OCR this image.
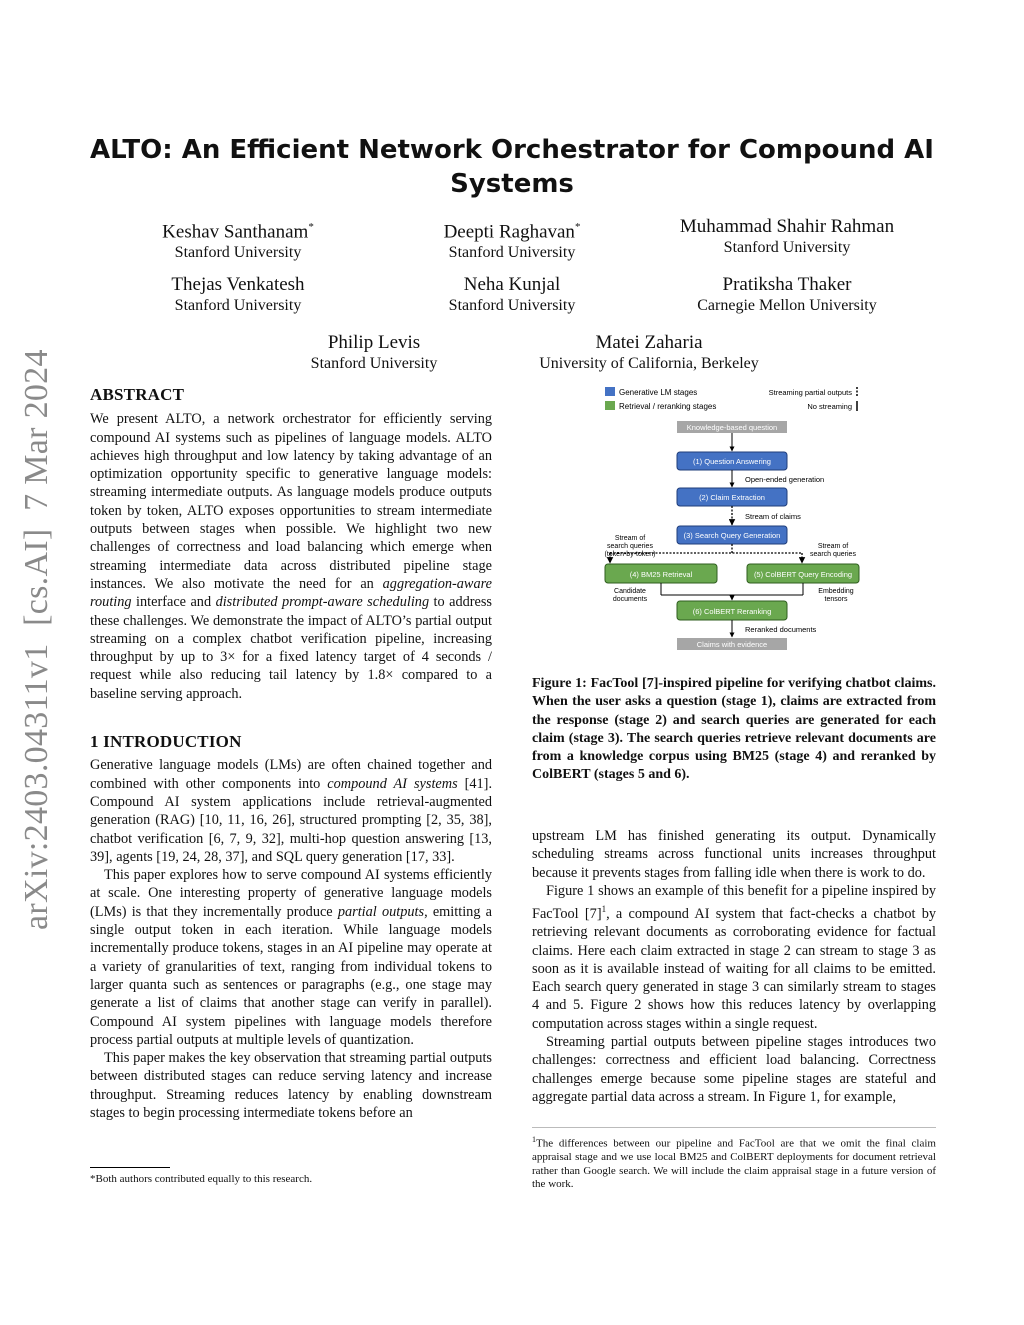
arXiv:2403.04311v1  [cs.AI]  7 Mar 2024
ALTO: An Efficient Network Orchestrator for Compound AI
Systems
Keshav Santhanam*
Stanford University
Deepti Raghavan*
Stanford University
Muhammad Shahir Rahman
Stanford University
Thejas Venkatesh
Stanford University
Neha Kunjal
Stanford University
Pratiksha Thaker
Carnegie Mellon University
Philip Levis
Stanford University
Matei Zaharia
University of California, Berkeley
ABSTRACT

We present ALTO, a network orchestrator for efficiently serving compound AI systems such as pipelines of language models. ALTO achieves high throughput and low latency by taking advantage of an optimization opportunity specific to generative language models: streaming intermediate outputs. As language models produce outputs token by token, ALTO exposes opportunities to stream intermediate outputs between stages when possible. We highlight two new challenges of correctness and load balancing which emerge when streaming intermediate data across distributed pipeline stage instances. We also motivate the need for an aggregation-aware routing interface and distributed prompt-aware scheduling to address these challenges. We demonstrate the impact of ALTO’s partial output streaming on a complex chatbot verification pipeline, increasing throughput by up to 3× for a fixed latency target of 4 seconds / request while also reducing tail latency by 1.8× compared to a baseline serving approach.

1 INTRODUCTION

Generative language models (LMs) are often chained together and combined with other components into compound AI systems [41]. Compound AI system applications include retrieval-augmented generation (RAG) [10, 11, 16, 26], structured prompting [2, 35, 38], chatbot verification [6, 7, 9, 32], multi-hop question answering [13, 39], agents [19, 24, 28, 37], and SQL query generation [17, 33].

This paper explores how to serve compound AI systems efficiently at scale. One interesting property of generative language models (LMs) is that they incrementally produce partial outputs, emitting a single output token in each iteration. While language models incrementally produce tokens, stages in an AI pipeline may operate at a variety of granularities of text, ranging from individual tokens to larger quanta such as sentences or paragraphs (e.g., one stage may generate a list of claims that another stage can verify in parallel). Compound AI system pipelines with language models therefore process partial outputs at multiple levels of quantization.

This paper makes the key observation that streaming partial outputs between distributed stages can reduce serving latency and increase throughput. Streaming reduces latency by enabling downstream stages to begin processing intermediate tokens before an

*Both authors contributed equally to this research.
Generative LM stages
Retrieval / reranking stages
Streaming partial outputs
No streaming
Knowledge-based question
(1) Question Answering
Open-ended generation
(2) Claim Extraction
Stream of claims
(3) Search Query Generation
Stream of
search queries
(token-by-token)
Stream of
search queries
(4) BM25 Retrieval	(5) ColBERT Query Encoding
Candidate
documents
Embedding
tensors
(6) ColBERT Reranking
Reranked documents
Claims with evidence
Figure 1: FacTool [7]-inspired pipeline for verifying chatbot claims. When the user asks a question (stage 1), claims are extracted from the response (stage 2) and search queries are generated for each claim (stage 3). The search queries retrieve relevant documents are from a knowledge corpus using BM25 (stage 4) and reranked by ColBERT (stages 5 and 6).

upstream LM has finished generating its output. Dynamically scheduling streams across functional units increases throughput because it prevents stages from falling idle when there is work to do.

Figure 1 shows an example of this benefit for a pipeline inspired by FacTool $[7]^1$, a compound AI system that fact-checks a chatbot by retrieving relevant documents as corroborating evidence for factual claims. Here each claim extracted in stage 2 can stream to stage 3 as soon as it is available instead of waiting for all claims to be emitted. Each search query generated in stage 3 can similarly stream to stages 4 and 5. Figure 2 shows how this reduces latency by overlapping computation across stages within a single request.

Streaming partial outputs between pipeline stages introduces two challenges: correctness and efficient load balancing. Correctness challenges emerge because some pipeline stages are stateful and aggregate partial data across a stream. In Figure 1, for example,

$^1$The differences between our pipeline and FacTool are that we omit the final claim appraisal stage and we use local BM25 and ColBERT deployments for document retrieval rather than Google search. We will include the claim appraisal stage in a future version of the work.
